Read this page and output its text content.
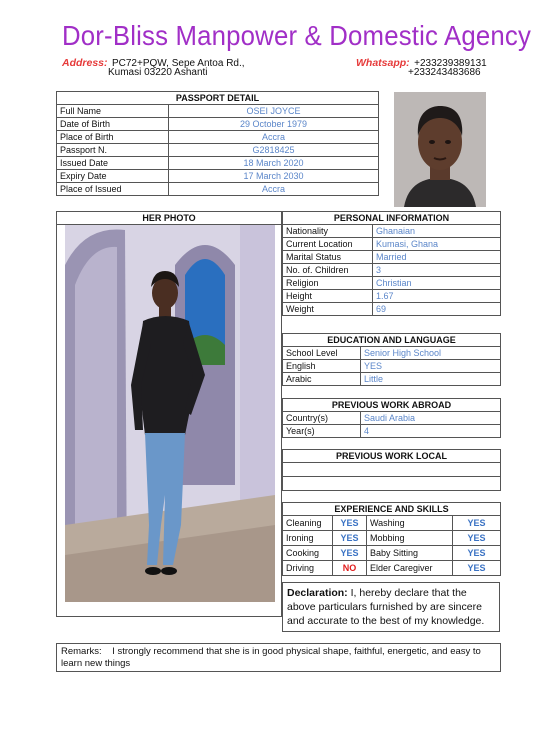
Dor-Bliss Manpower & Domestic Agency
Address: PC72+PQW, Sepe Antoa Rd.,
Kumasi 03220 Ashanti
Whatsapp: +233239389131
+233243483686
PASSPORT DETAIL	
Full Name	OSEI JOYCE
Date of Birth	29 October 1979
Place of Birth	Accra
Passport N.	G2818425
Issued Date	18 March 2020
Expiry Date	17 March 2030
Place of Issued	Accra
HER PHOTO	PERSONAL INFORMATION	
Nationality	Ghanaian
Current Location	Kumasi, Ghana
Marital Status	Married
No. of. Children	3
Religion	Christian
Height	1.67
Weight	69
EDUCATION AND LANGUAGE	
School Level	Senior High School
English	YES
Arabic	Little
PREVIOUS WORK ABROAD	
Country(s)	Saudi Arabia
Year(s)	4
PREVIOUS WORK LOCAL

EXPERIENCE AND SKILLS			
Cleaning	YES	Washing	YES
Ironing	YES	Mobbing	YES
Cooking	YES	Baby Sitting	YES
Driving	NO	Elder Caregiver	YES
Declaration: I, hereby declare that the above particulars furnished by are sincere and accurate to the best of my knowledge.
Remarks: I strongly recommend that she is in good physical shape, faithful, energetic, and easy to learn new things
